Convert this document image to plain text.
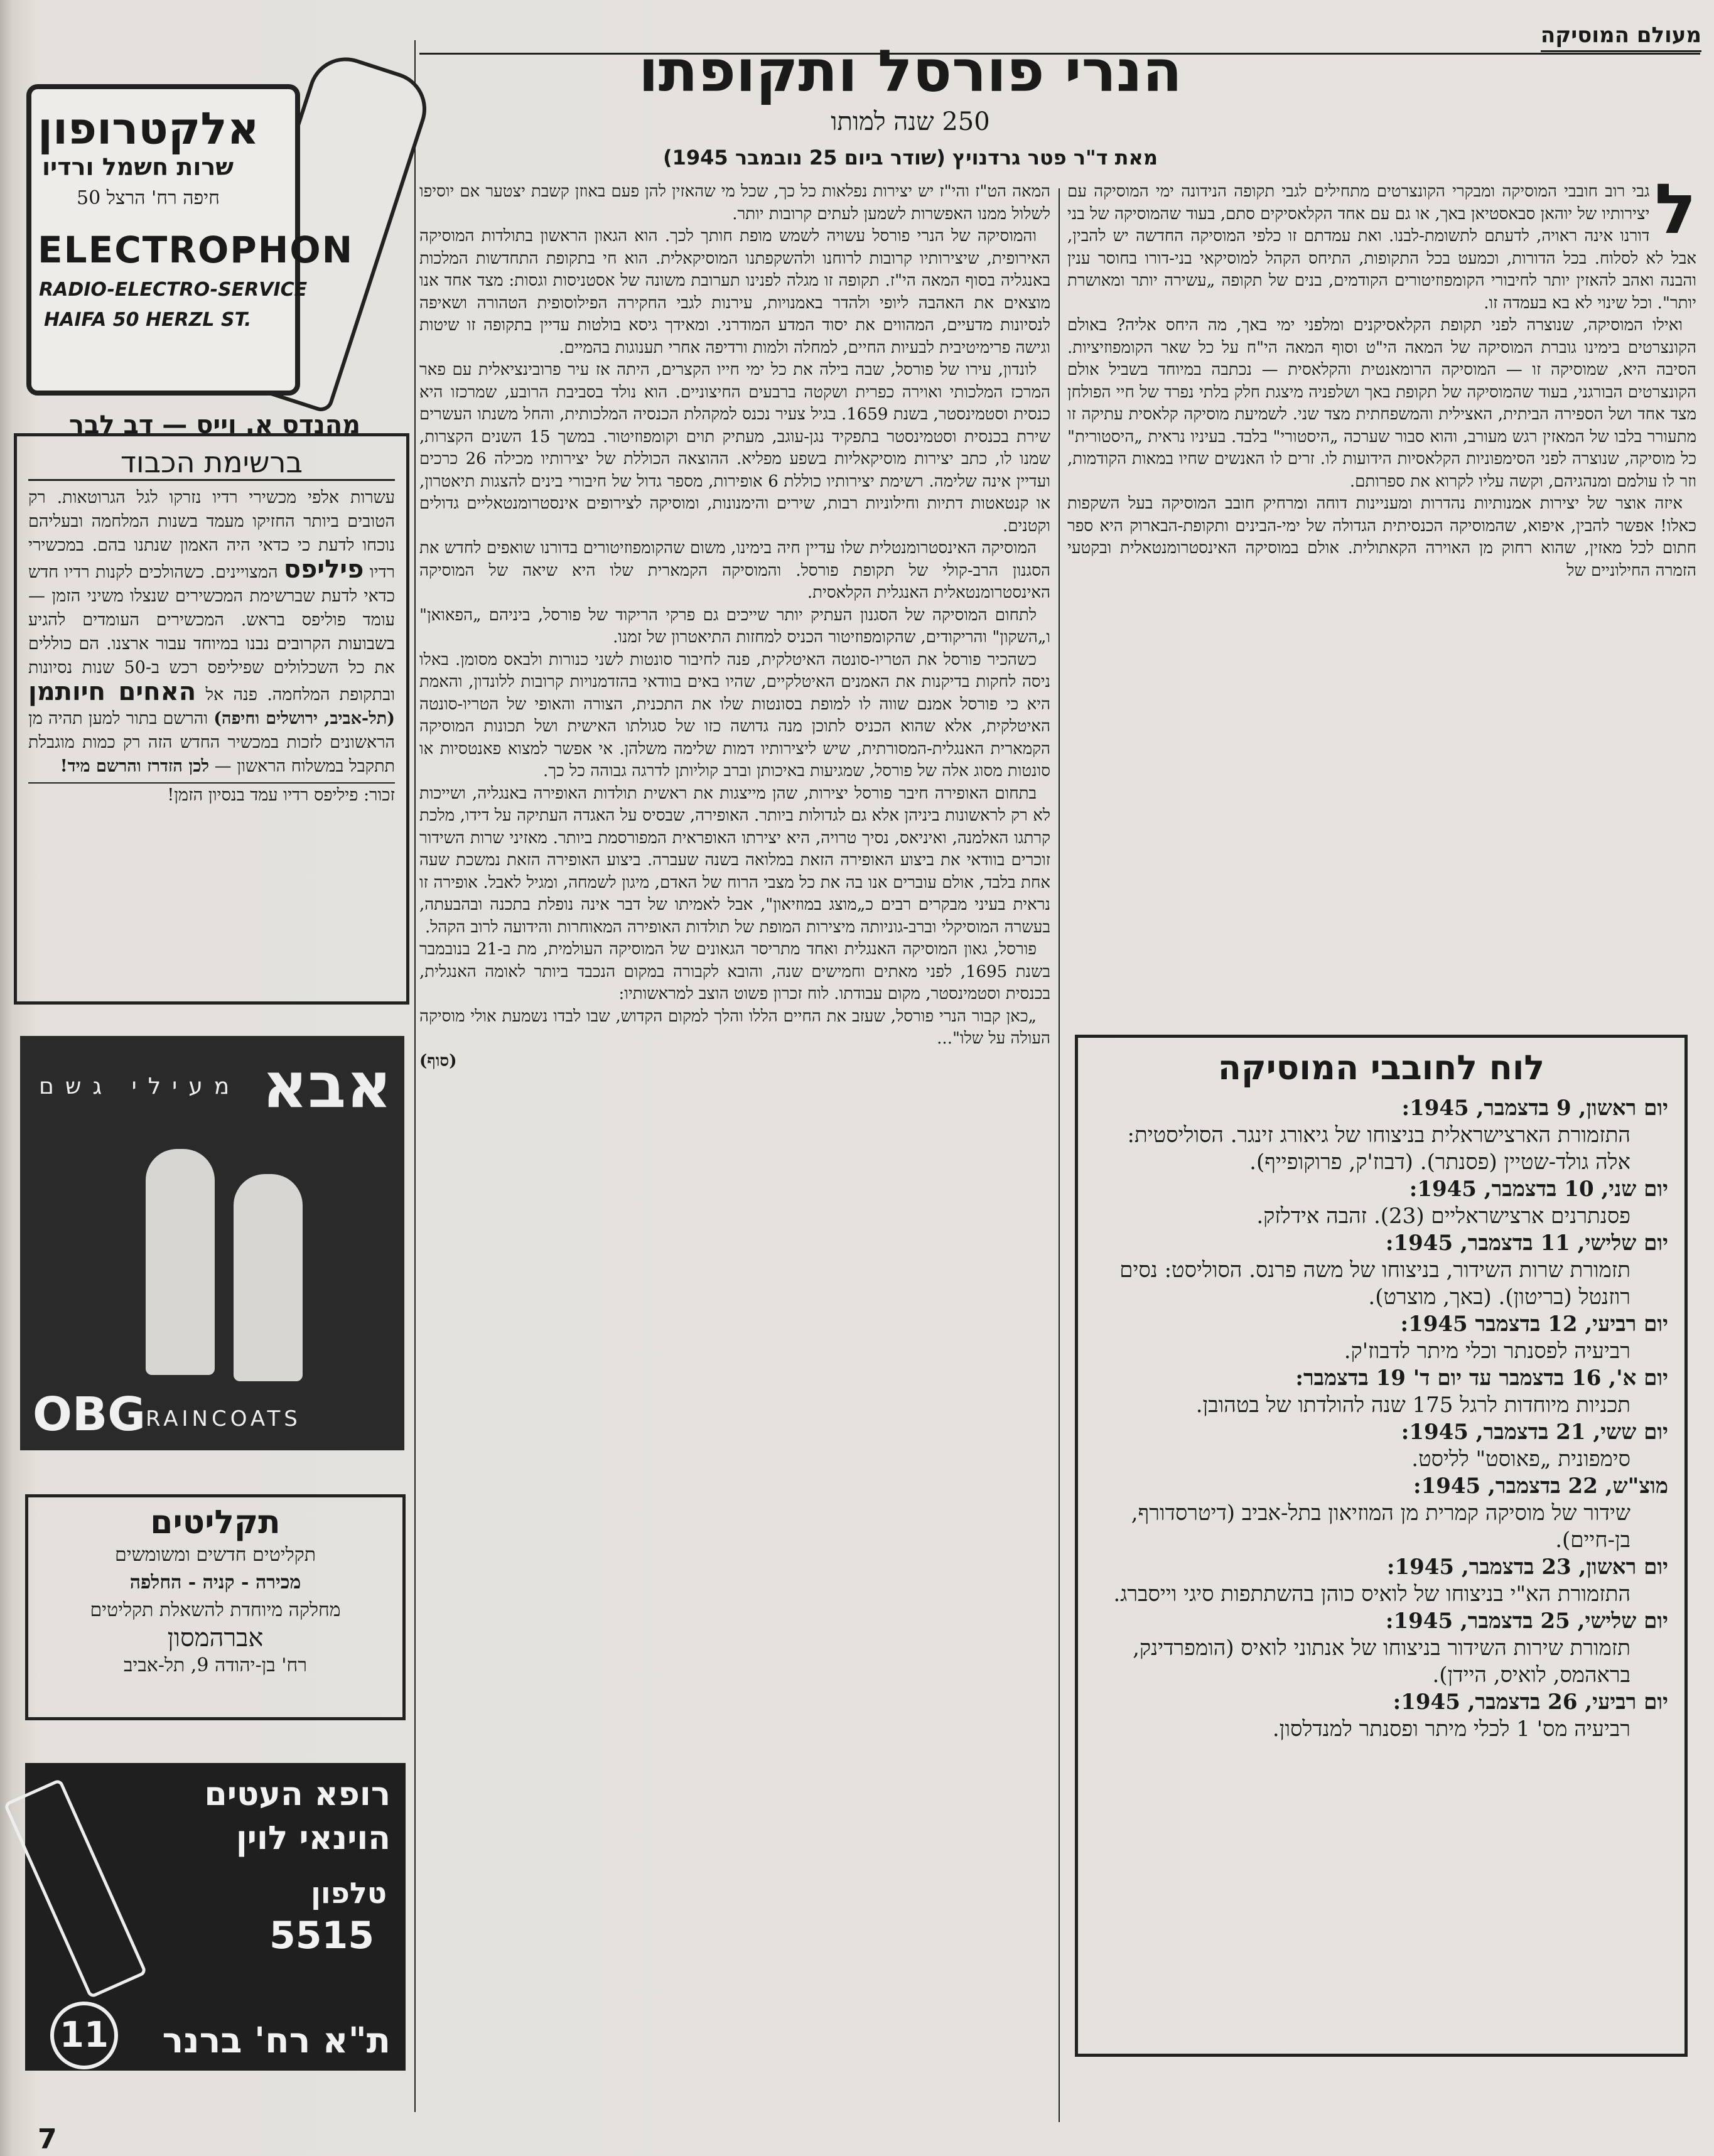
מעולם המוסיקה
הנרי פורסל ותקופתו
250 שנה למותו
מאת ד"ר פטר גרדנויץ (שודר ביום 25 נובמבר 1945)
ל

גבי רוב חובבי המוסיקה ומבקרי הקונצרטים מתחילים לגבי תקופה הנידונה ימי המוסיקה עם יצירותיו של יוהאן סבאסטיאן באך, או גם עם אחד הקלאסיקים סתם, בעוד שהמוסיקה של בני דורנו אינה ראויה, לדעתם לתשומת-לבנו. ואת עמדתם זו כלפי המוסיקה החדשה יש להבין, אבל לא לסלוח. בכל הדורות, וכמעט בכל התקופות, התיחס הקהל למוסיקאי בני-דורו בחוסר ענין והבנה ואהב להאזין יותר לחיבורי הקומפוזיטורים הקודמים, בנים של תקופה „עשירה יותר ומאושרת יותר". וכל שינוי לא בא בעמדה זו.

ואילו המוסיקה, שנוצרה לפני תקופת הקלאסיקנים ומלפני ימי באך, מה היחס אליה? באולם הקונצרטים בימינו גוברת המוסיקה של המאה הי"ט וסוף המאה הי"ח על כל שאר הקומפוזיציות. הסיבה היא, שמוסיקה זו — המוסיקה הרומאנטית והקלאסית — נכתבה במיוחד בשביל אולם הקונצרטים הבורגני, בעוד שהמוסיקה של תקופת באך ושלפניה מיצגת חלק בלתי נפרד של חיי הפולחן מצד אחד ושל הספירה הביתית, האצילית והמשפחתית מצד שני. לשמיעת מוסיקה קלאסית עתיקה זו מתעורר בלבו של המאזין רגש מעורב, והוא סבור שערכה „היסטורי" בלבד. בעיניו נראית „היסטורית" כל מוסיקה, שנוצרה לפני הסימפוניות הקלאסיות הידועות לו. זרים לו האנשים שחיו במאות הקודמות, וזר לו עולמם ומנהגיהם, וקשה עליו לקרוא את ספרותם.

איזה אוצר של יצירות אמנותיות נהדרות ומעניינות דוחה ומרחיק חובב המוסיקה בעל השקפות כאלו! אפשר להבין, איפוא, שהמוסיקה הכנסיתית הגדולה של ימי-הבינים ותקופת-הבארוק היא ספר חתום לכל מאזין, שהוא רחוק מן האוירה הקאתולית. אולם במוסיקה האינסטרומנטאלית ובקטעי הזמרה החילוניים של

המאה הט"ז והי"ז יש יצירות נפלאות כל כך, שכל מי שהאזין להן פעם באוזן קשבת יצטער אם יוסיפו לשלול ממנו האפשרות לשמען לעתים קרובות יותר.

והמוסיקה של הנרי פורסל עשויה לשמש מופת חותך לכך. הוא הגאון הראשון בתולדות המוסיקה האירופית, שיצירותיו קרובות לרוחנו ולהשקפתנו המוסיקאלית. הוא חי בתקופת התחדשות המלכות באנגליה בסוף המאה הי"ז. תקופה זו מגלה לפנינו תערובת משונה של אסטניסות וגסות: מצד אחד אנו מוצאים את האהבה ליופי ולהדר באמנויות, עירנות לגבי החקירה הפילוסופית הטהורה ושאיפה לנסיונות מדעיים, המהווים את יסוד המדע המודרני. ומאידך גיסא בולטות עדיין בתקופה זו שיטות וגישה פרימיטיבית לבעיות החיים, למחלה ולמות ורדיפה אחרי תענוגות בהמיים.

לונדון, עירו של פורסל, שבה בילה את כל ימי חייו הקצרים, היתה אז עיר פרובינציאלית עם פאר המרכז המלכותי ואוירה כפרית ושקטה ברבעים החיצוניים. הוא נולד בסביבת הרובע, שמרכזו היא כנסית וסטמינסטר, בשנת 1659. בגיל צעיר נכנס למקהלת הכנסיה המלכותית, והחל משנתו העשרים שירת בכנסית וסטמינסטר בתפקיד נגן-עוגב, מעתיק תוים וקומפוזיטור. במשך 15 השנים הקצרות, שמנו לו, כתב יצירות מוסיקאליות בשפע מפליא. ההוצאה הכוללת של יצירותיו מכילה 26 כרכים ועדיין אינה שלימה. רשימת יצירותיו כוללת 6 אופירות, מספר גדול של חיבורי בינים להצגות תיאטרון, או קנטאטות דתיות וחילוניות רבות, שירים והימנונות, ומוסיקה לצירופים אינסטרומנטאליים גדולים וקטנים.

המוסיקה האינסטרומנטלית שלו עדיין חיה בימינו, משום שהקומפוזיטורים בדורנו שואפים לחדש את הסגנון הרב-קולי של תקופת פורסל. והמוסיקה הקמארית שלו היא שיאה של המוסיקה האינסטרומנטאלית האנגלית הקלאסית.

לתחום המוסיקה של הסגנון העתיק יותר שייכים גם פרקי הריקוד של פורסל, ביניהם „הפאואן" ו„השקון" והריקודים, שהקומפוזיטור הכניס למחזות התיאטרון של זמנו.

כשהכיר פורסל את הטריו-סונטה האיטלקית, פנה לחיבור סונטות לשני כנורות ולבאס מסומן. באלו ניסה לחקות בדיקנות את האמנים האיטלקיים, שהיו באים בוודאי בהזדמנויות קרובות ללונדון, והאמת היא כי פורסל אמנם שווה לו למופת בסונטות שלו את התכנית, הצורה והאופי של הטריו-סונטה האיטלקית, אלא שהוא הכניס לתוכן מנה גדושה כזו של סגולתו האישית ושל תכונות המוסיקה הקמארית האנגלית-המסורתית, שיש ליצירותיו דמות שלימה משלהן. אי אפשר למצוא פאנטסיות או סונטות מסוג אלה של פורסל, שמגיעות באיכותן וברב קוליותן לדרגה גבוהה כל כך.

בתחום האופירה חיבר פורסל יצירות, שהן מייצגות את ראשית תולדות האופירה באנגליה, ושייכות לא רק לראשונות ביניהן אלא גם לגדולות ביותר. האופירה, שבסיס על האגדה העתיקה על דידו, מלכת קרתגו האלמנה, ואיניאס, נסיך טרויה, היא יצירתו האופראית המפורסמת ביותר. מאזיני שרות השידור זוכרים בוודאי את ביצוע האופירה הזאת במלואה בשנה שעברה. ביצוע האופירה הזאת נמשכת שעה אחת בלבד, אולם עוברים אנו בה את כל מצבי הרוח של האדם, מיגון לשמחה, ומגיל לאבל. אופירה זו נראית בעיני מבקרים רבים כ„מוצג במוזיאון", אבל לאמיתו של דבר אינה נופלת בתכנה ובהבעתה, בעשרה המוסיקלי וברב-גוניותה מיצירות המופת של תולדות האופירה המאוחרות והידועה לרוב הקהל.

פורסל, גאון המוסיקה האנגלית ואחד מתריסר הגאונים של המוסיקה העולמית, מת ב-21 בנובמבר בשנת 1695, לפני מאתים וחמישים שנה, והובא לקבורה במקום הנכבד ביותר לאומה האנגלית, בכנסית וסטמינסטר, מקום עבודתו. לוח זכרון פשוט הוצב למראשותיו:

„כאן קבור הנרי פורסל, שעזב את החיים הללו והלך למקום הקדוש, שבו לבדו נשמעת אולי מוסיקה העולה על שלו"...

(סוף)	לוח לחובבי המוסיקה
יום ראשון, 9 בדצמבר, 1945:
התזמורת הארצישראלית בניצוחו של גיאורג זינגר. הסוליסטית: אלה גולד-שטיין (פסנתר). (דבוז'ק, פרוקופייף).
יום שני, 10 בדצמבר, 1945:
פסנתרנים ארצישראליים (23). זהבה אידלזק.
יום שלישי, 11 בדצמבר, 1945:
תזמורת שרות השידור, בניצוחו של משה פרנס. הסוליסט: נסים רוזנטל (בריטון). (באך, מוצרט).
יום רביעי, 12 בדצמבר 1945:
רביעיה לפסנתר וכלי מיתר לדבוז'ק.
יום א', 16 בדצמבר עד יום ד' 19 בדצמבר:
תכניות מיוחדות לרגל 175 שנה להולדתו של בטהובן.
יום ששי, 21 בדצמבר, 1945:
סימפונית „פאוסט" לליסט.
מוצ"ש, 22 בדצמבר, 1945:
שידור של מוסיקה קמרית מן המוזיאון בתל-אביב (דיטרסדורף, בן-חיים).
יום ראשון, 23 בדצמבר, 1945:
התזמורת הא"י בניצוחו של לואיס כוהן בהשתתפות סיגי וייסברג.
יום שלישי, 25 בדצמבר, 1945:
תזמורת שירות השידור בניצוחו של אנתוני לואיס (הומפרדינק, בראהמס, לואיס, היידן).
יום רביעי, 26 בדצמבר, 1945:
רביעיה מס' 1 לכלי מיתר ופסנתר למנדלסון.
אלקטרופון
שרות חשמל ורדיו
חיפה רח' הרצל 50
ELECTROPHON
RADIO-ELECTRO-SERVICE
HAIFA 50 HERZL ST.
מהנדס א. וייס — דב לבר
ברשימת הכבוד
עשרות אלפי מכשירי רדיו נזרקו לגל הגרוטאות. רק הטובים ביותר החזיקו מעמד בשנות המלחמה ובעליהם נוכחו לדעת כי כדאי היה האמון שנתנו בהם. במכשירי רדיו פיליפס המצויינים. כשהולכים לקנות רדיו חדש כדאי לדעת שברשימת המכשירים שנצלו משיני הזמן — עומד פוליפס בראש. המכשירים העומדים להגיע בשבועות הקרובים נבנו במיוחד עבור ארצנו. הם כוללים את כל השכלולים שפיליפס רכש ב-50 שנות נסיונות ובתקופת המלחמה. פנה אל האחים חיותמן (תל-אביב, ירושלים וחיפה) והרשם בתור למען תהיה מן הראשונים לזכות במכשיר החדש הזה רק כמות מוגבלת תתקבל במשלוח הראשון — לכן הזדרז והרשם מיד!
זכור: פיליפס רדיו עמד בנסיון הזמן!
אבא
מעילי גשם
OBG RAINCOATS
תקליטים
תקליטים חדשים ומשומשים
מכירה - קניה - החלפה
מחלקה מיוחדת להשאלת תקליטים
אברהמסון
רח' בן-יהודה 9, תל-אביב
רופא העטים
הוינאי לוין
טלפון
5515
11 ת"א רח' ברנר
7
